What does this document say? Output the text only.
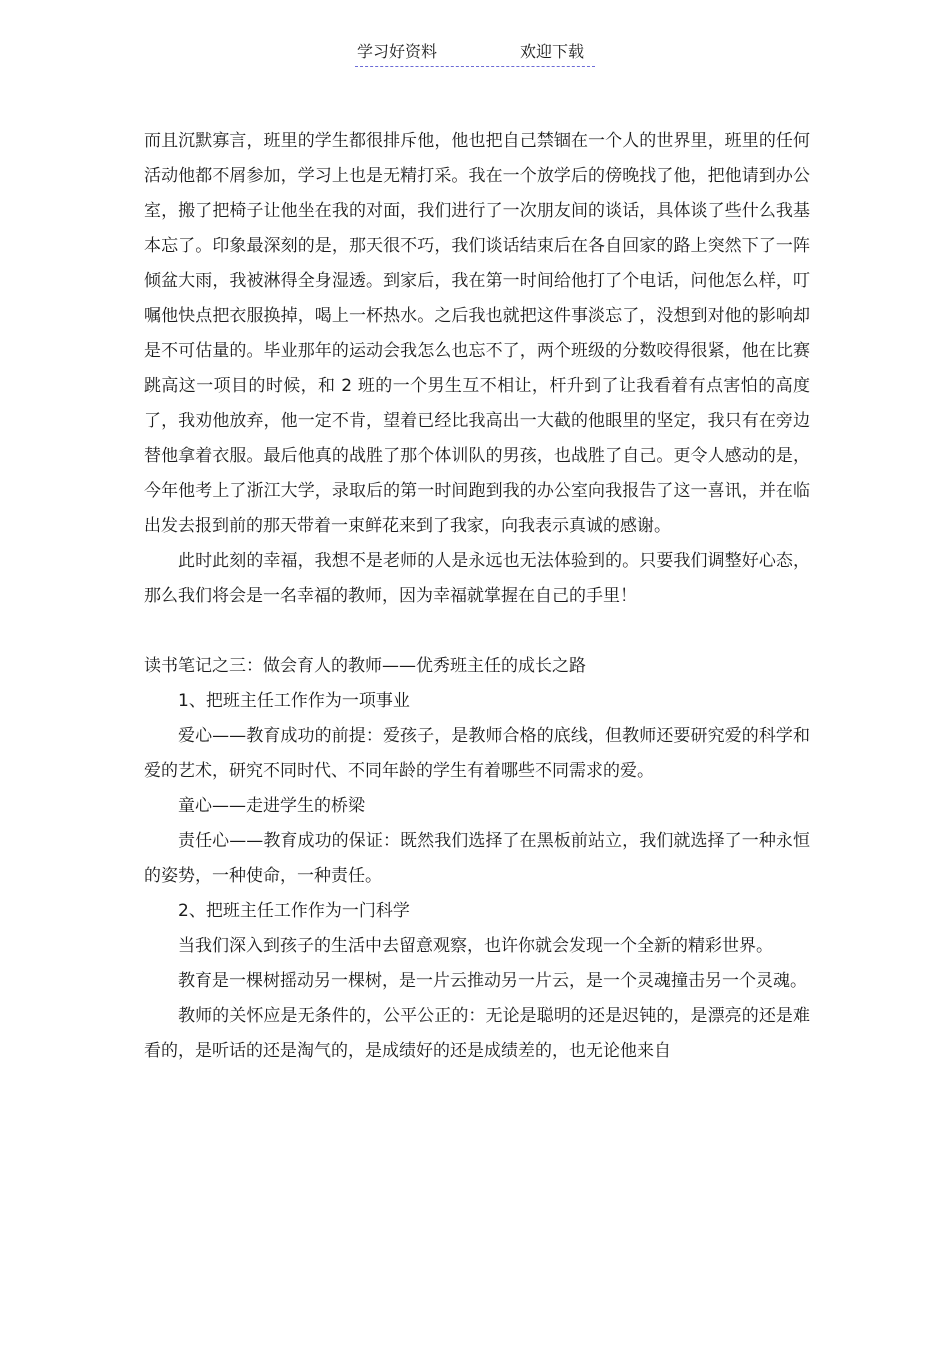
学习好资料	欢迎下载

而且沉默寡言，班里的学生都很排斥他，他也把自己禁锢在一个人的世界里，班里的任何活动他都不屑参加，学习上也是无精打采。我在一个放学后的傍晚找了他，把他请到办公室，搬了把椅子让他坐在我的对面，我们进行了一次朋友间的谈话，具体谈了些什么我基本忘了。印象最深刻的是，那天很不巧，我们谈话结束后在各自回家的路上突然下了一阵倾盆大雨，我被淋得全身湿透。到家后，我在第一时间给他打了个电话，问他怎么样，叮嘱他快点把衣服换掉，喝上一杯热水。之后我也就把这件事淡忘了，没想到对他的影响却是不可估量的。毕业那年的运动会我怎么也忘不了，两个班级的分数咬得很紧，他在比赛跳高这一项目的时候，和 2 班的一个男生互不相让，杆升到了让我看着有点害怕的高度了，我劝他放弃，他一定不肯，望着已经比我高出一大截的他眼里的坚定，我只有在旁边替他拿着衣服。最后他真的战胜了那个体训队的男孩，也战胜了自己。更令人感动的是，今年他考上了浙江大学，录取后的第一时间跑到我的办公室向我报告了这一喜讯，并在临出发去报到前的那天带着一束鲜花来到了我家，向我表示真诚的感谢。

此时此刻的幸福，我想不是老师的人是永远也无法体验到的。只要我们调整好心态，那么我们将会是一名幸福的教师，因为幸福就掌握在自己的手里！

读书笔记之三：做会育人的教师——优秀班主任的成长之路

1、把班主任工作作为一项事业

爱心——教育成功的前提：爱孩子，是教师合格的底线，但教师还要研究爱的科学和爱的艺术，研究不同时代、不同年龄的学生有着哪些不同需求的爱。

童心——走进学生的桥梁

责任心——教育成功的保证：既然我们选择了在黑板前站立，我们就选择了一种永恒的姿势，一种使命，一种责任。

2、把班主任工作作为一门科学

当我们深入到孩子的生活中去留意观察，也许你就会发现一个全新的精彩世界。

教育是一棵树摇动另一棵树，是一片云推动另一片云，是一个灵魂撞击另一个灵魂。

教师的关怀应是无条件的，公平公正的：无论是聪明的还是迟钝的，是漂亮的还是难看的，是听话的还是淘气的，是成绩好的还是成绩差的，也无论他来自
